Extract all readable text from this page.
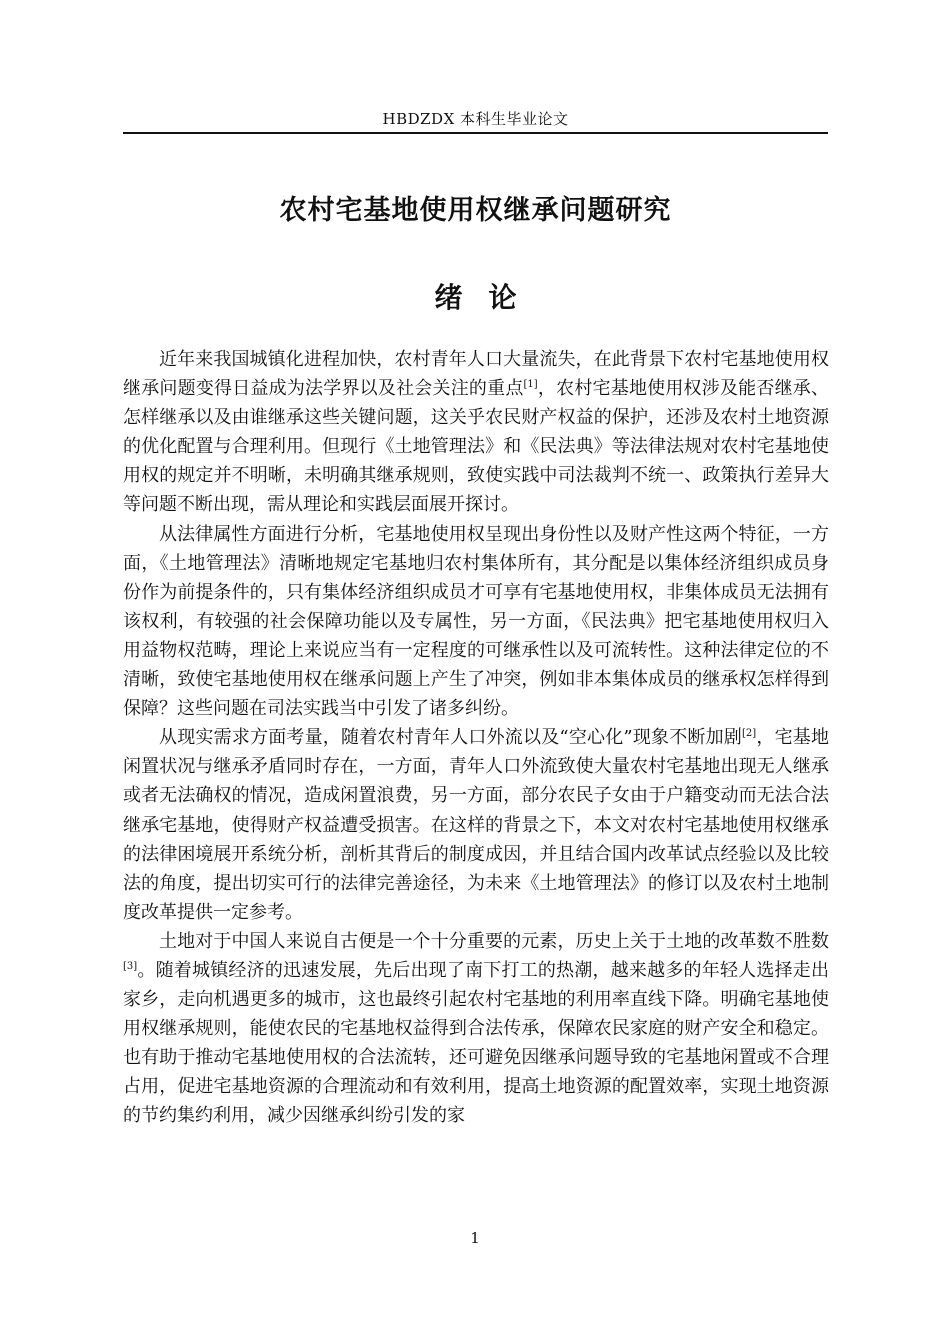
HBDZDX 本科生毕业论文
农村宅基地使用权继承问题研究
绪论

近年来我国城镇化进程加快，农村青年人口大量流失，在此背景下农村宅基地使用权继承问题变得日益成为法学界以及社会关注的重点[1]，农村宅基地使用权涉及能否继承、怎样继承以及由谁继承这些关键问题，这关乎农民财产权益的保护，还涉及农村土地资源的优化配置与合理利用。但现行《土地管理法》和《民法典》等法律法规对农村宅基地使用权的规定并不明晰，未明确其继承规则，致使实践中司法裁判不统一、政策执行差异大等问题不断出现，需从理论和实践层面展开探讨。

从法律属性方面进行分析，宅基地使用权呈现出身份性以及财产性这两个特征，一方面，《土地管理法》清晰地规定宅基地归农村集体所有，其分配是以集体经济组织成员身份作为前提条件的，只有集体经济组织成员才可享有宅基地使用权，非集体成员无法拥有该权利，有较强的社会保障功能以及专属性，另一方面，《民法典》把宅基地使用权归入用益物权范畴，理论上来说应当有一定程度的可继承性以及可流转性。这种法律定位的不清晰，致使宅基地使用权在继承问题上产生了冲突，例如非本集体成员的继承权怎样得到保障？这些问题在司法实践当中引发了诸多纠纷。

从现实需求方面考量，随着农村青年人口外流以及“空心化”现象不断加剧[2]，宅基地闲置状况与继承矛盾同时存在，一方面，青年人口外流致使大量农村宅基地出现无人继承或者无法确权的情况，造成闲置浪费，另一方面，部分农民子女由于户籍变动而无法合法继承宅基地，使得财产权益遭受损害。在这样的背景之下，本文对农村宅基地使用权继承的法律困境展开系统分析，剖析其背后的制度成因，并且结合国内改革试点经验以及比较法的角度，提出切实可行的法律完善途径，为未来《土地管理法》的修订以及农村土地制度改革提供一定参考。

土地对于中国人来说自古便是一个十分重要的元素，历史上关于土地的改革数不胜数[3]。随着城镇经济的迅速发展，先后出现了南下打工的热潮，越来越多的年轻人选择走出家乡，走向机遇更多的城市，这也最终引起农村宅基地的利用率直线下降。明确宅基地使用权继承规则，能使农民的宅基地权益得到合法传承，保障农民家庭的财产安全和稳定。也有助于推动宅基地使用权的合法流转，还可避免因继承问题导致的宅基地闲置或不合理占用，促进宅基地资源的合理流动和有效利用，提高土地资源的配置效率，实现土地资源的节约集约利用，减少因继承纠纷引发的家

1
